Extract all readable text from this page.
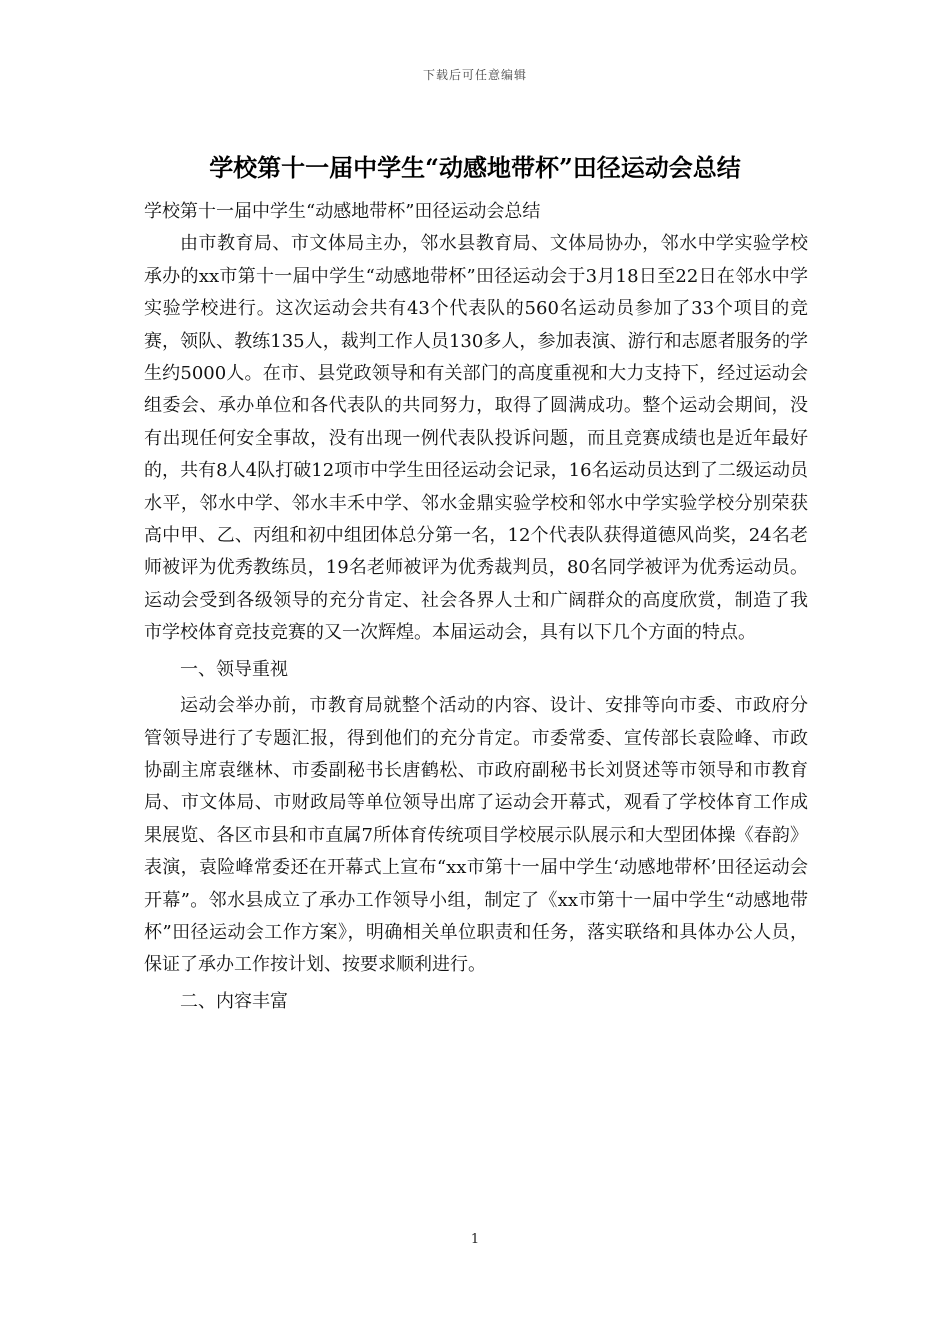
下载后可任意编辑
学校第十一届中学生“动感地带杯”田径运动会总结

学校第十一届中学生“动感地带杯”田径运动会总结

由市教育局、市文体局主办，邻水县教育局、文体局协办，邻水中学实验学校承办的xx市第十一届中学生“动感地带杯”田径运动会于3月18日至22日在邻水中学实验学校进行。这次运动会共有43个代表队的560名运动员参加了33个项目的竞赛，领队、教练135人，裁判工作人员130多人，参加表演、游行和志愿者服务的学生约5000人。在市、县党政领导和有关部门的高度重视和大力支持下，经过运动会组委会、承办单位和各代表队的共同努力，取得了圆满成功。整个运动会期间，没有出现任何安全事故，没有出现一例代表队投诉问题，而且竞赛成绩也是近年最好的，共有8人4队打破12项市中学生田径运动会记录，16名运动员达到了二级运动员水平，邻水中学、邻水丰禾中学、邻水金鼎实验学校和邻水中学实验学校分别荣获高中甲、乙、丙组和初中组团体总分第一名，12个代表队获得道德风尚奖，24名老师被评为优秀教练员，19名老师被评为优秀裁判员，80名同学被评为优秀运动员。运动会受到各级领导的充分肯定、社会各界人士和广阔群众的高度欣赏，制造了我市学校体育竞技竞赛的又一次辉煌。本届运动会，具有以下几个方面的特点。

一、领导重视

运动会举办前，市教育局就整个活动的内容、设计、安排等向市委、市政府分管领导进行了专题汇报，得到他们的充分肯定。市委常委、宣传部长袁险峰、市政协副主席袁继林、市委副秘书长唐鹤松、市政府副秘书长刘贤述等市领导和市教育局、市文体局、市财政局等单位领导出席了运动会开幕式，观看了学校体育工作成果展览、各区市县和市直属7所体育传统项目学校展示队展示和大型团体操《春韵》表演，袁险峰常委还在开幕式上宣布“xx市第十一届中学生‘动感地带杯’田径运动会开幕”。邻水县成立了承办工作领导小组，制定了《xx市第十一届中学生“动感地带杯”田径运动会工作方案》，明确相关单位职责和任务，落实联络和具体办公人员，保证了承办工作按计划、按要求顺利进行。

二、内容丰富

1
